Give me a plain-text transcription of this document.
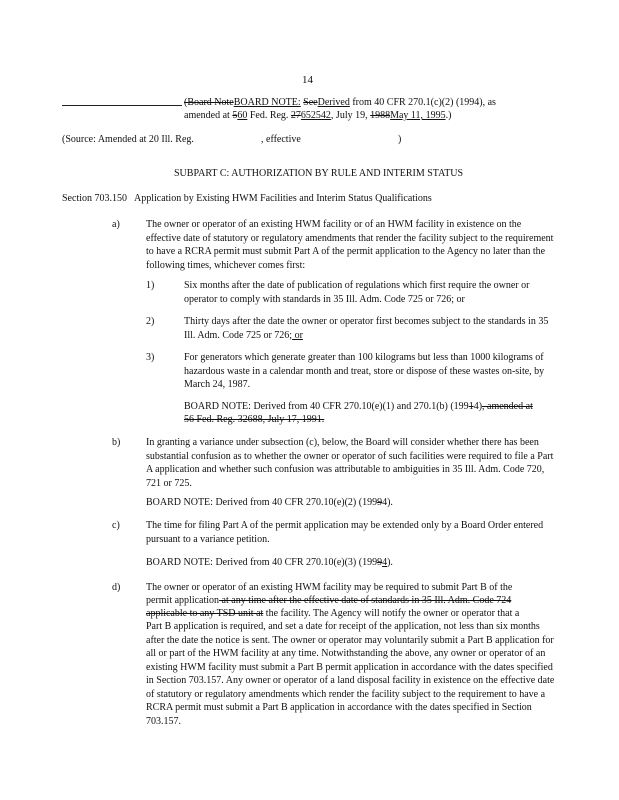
14
(Board NoteBOARD NOTE: SeeDerived from 40 CFR 270.1(c)(2) (1994), as
amended at 560 Fed. Reg. 27652542, July 19, 1988May 11, 1995.)
(Source: Amended at 20 Ill. Reg.	, effective	)
SUBPART C: AUTHORIZATION BY RULE AND INTERIM STATUS
Section 703.150 Application by Existing HWM Facilities and Interim Status Qualifications
a)	The owner or operator of an existing HWM facility or of an HWM facility in existence on the effective date of statutory or regulatory amendments that render the facility subject to the requirement to have a RCRA permit must submit Part A of the permit application to the Agency no later than the following times, whichever comes first:
1)	Six months after the date of publication of regulations which first require the owner or operator to comply with standards in 35 Ill. Adm. Code 725 or 726; or
2)	Thirty days after the date the owner or operator first becomes subject to the standards in 35 Ill. Adm. Code 725 or 726; or
3)	For generators which generate greater than 100 kilograms but less than 1000 kilograms of hazardous waste in a calendar month and treat, store or dispose of these wastes on-site, by March 24, 1987.
BOARD NOTE: Derived from 40 CFR 270.10(e)(1) and 270.1(b) (19914), amended at
56 Fed. Reg. 32688, July 17, 1991.
b)	In granting a variance under subsection (c), below, the Board will consider whether there has been substantial confusion as to whether the owner or operator of such facilities were required to file a Part A application and whether such confusion was attributable to ambiguities in 35 Ill. Adm. Code 720, 721 or 725.
BOARD NOTE: Derived from 40 CFR 270.10(e)(2) (19994).
c)	The time for filing Part A of the permit application may be extended only by a Board Order entered pursuant to a variance petition.
BOARD NOTE: Derived from 40 CFR 270.10(e)(3) (19994).
d)	The owner or operator of an existing HWM facility may be required to submit Part B of the
permit application at any time after the effective date of standards in 35 Ill. Adm. Code 724
applicable to any TSD unit at the facility. The Agency will notify the owner or operator that a
Part B application is required, and set a date for receipt of the application, not less than six months after the date the notice is sent. The owner or operator may voluntarily submit a Part B application for all or part of the HWM facility at any time. Notwithstanding the above, any owner or operator of an existing HWM facility must submit a Part B permit application in accordance with the dates specified in Section 703.157. Any owner or operator of a land disposal facility in existence on the effective date of statutory or regulatory amendments which render the facility subject to the requirement to have a RCRA permit must submit a Part B application in accordance with the dates specified in Section 703.157.
